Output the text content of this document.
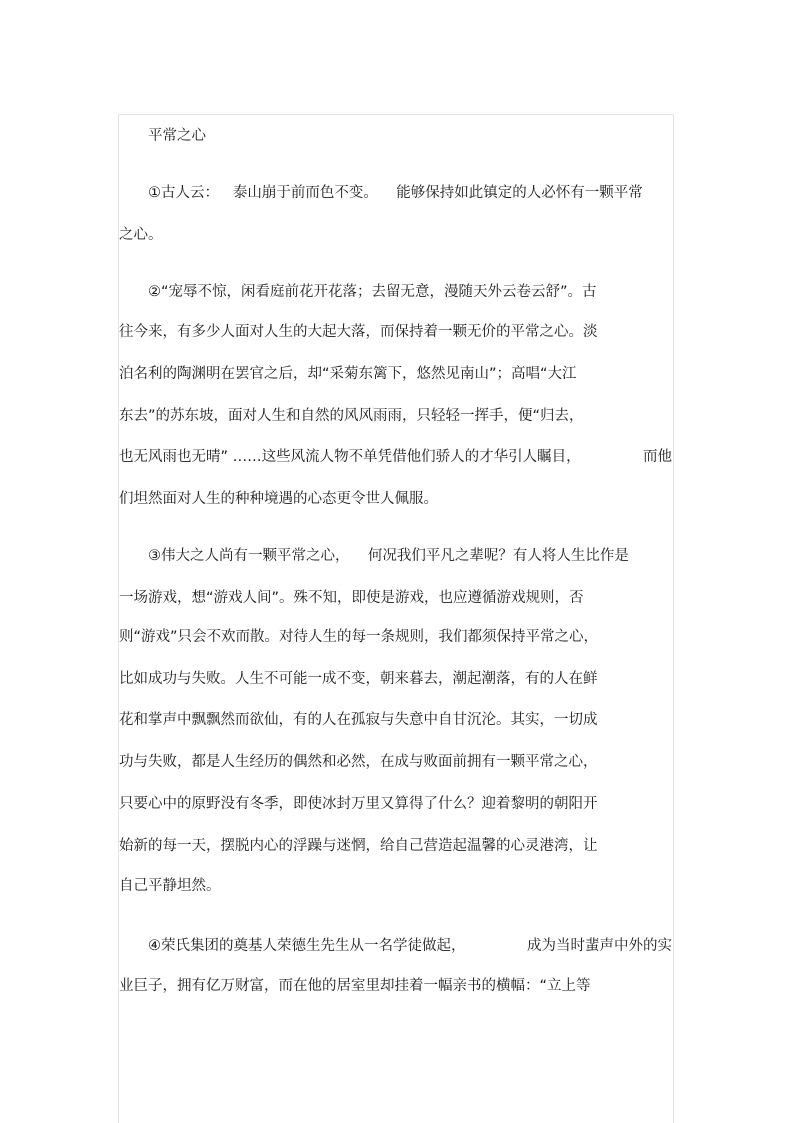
平常之心
①古人云：   泰山崩于前而色不变。    能够保持如此镇定的人必怀有一颗平常
之心。
②“宠辱不惊，闲看庭前花开花落；去留无意，漫随天外云卷云舒”。古
往今来，有多少人面对人生的大起大落，而保持着一颗无价的平常之心。淡
泊名利的陶渊明在罢官之后，却“采菊东篱下，悠然见南山”；高唱“大江
东去”的苏东坡，面对人生和自然的风风雨雨，只轻轻一挥手，便“归去，
也无风雨也无晴” ……这些风流人物不单凭借他们骄人的才华引人瞩目，	而他
们坦然面对人生的种种境遇的心态更令世人佩服。
③伟大之人尚有一颗平常之心，    何况我们平凡之辈呢？有人将人生比作是
一场游戏，想“游戏人间”。殊不知，即使是游戏，也应遵循游戏规则，否
则“游戏”只会不欢而散。对待人生的每一条规则，我们都须保持平常之心，
比如成功与失败。人生不可能一成不变，朝来暮去，潮起潮落，有的人在鲜
花和掌声中飘飘然而欲仙，有的人在孤寂与失意中自甘沉沦。其实，一切成
功与失败，都是人生经历的偶然和必然，在成与败面前拥有一颗平常之心，
只要心中的原野没有冬季，即使冰封万里又算得了什么？迎着黎明的朝阳开
始新的每一天，摆脱内心的浮躁与迷惘，给自己营造起温馨的心灵港湾，让
自己平静坦然。
④荣氏集团的奠基人荣德生先生从一名学徒做起，	成为当时蜚声中外的实
业巨子，拥有亿万财富，而在他的居室里却挂着一幅亲书的横幅：“立上等
